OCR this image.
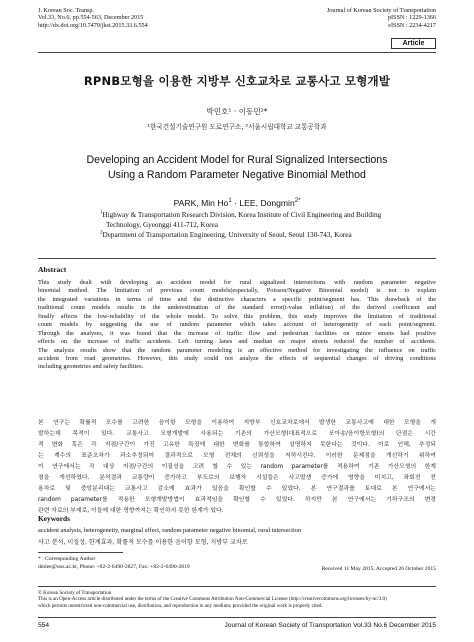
J. Korean Soc. Transp.
Vol.33, No.6, pp.554-563, December 2015
http://dx.doi.org/10.7470/jkst.2015.33.6.554
Journal of Korean Society of Transportation
pISSN : 1229-1366
eISSN : 2234-4217
Article
RPNB모형을 이용한 지방부 신호교차로 교통사고 모형개발
박민호¹ · 이동민²*
¹한국건설기술연구원 도로연구소, ²서울시립대학교 교통공학과
Developing an Accident Model for Rural Signalized Intersections
Using a Random Parameter Negative Binomial Method
PARK, Min $Ho^1$ · LEE, Dongmin$^{2*}$
$^1$Highway & Transportation Research Division, Korea Institute of Civil Engineering and Building
Technology, Gyeonggi 411-712, Korea
$^2$Department of Transportation Engineering, University of Seoul, Seoul 130-743, Korea
Abstract
This study dealt with developing an accident model for rural signalized intersections with random parameter negative
binomial method. The limitation of previous count models(especially, Poisson/Negative Binomial model) is not to explain
the integrated variations in terms of time and the distinctive characters a specific point/segment has. This drawback of the
traditional count models results in the underestimation of the standard error(t-value inflation) of the derived coefficient and
finally affects the low-reliability of the whole model. To solve this problem, this study improves the limitation of traditional
count models by suggesting the use of random parameter which takes account of heterogeneity of each point/segment.
Through the analyses, it was found that the increase of traffic flow and pedestrian facilities on minor streets had positive
effects on the increase of traffic accidents. Left turning lanes and median on major streets reduced the number of accidents.
The analysis results show that the random parameter modeling is an effective method for investigating the influence on traffic
accident from road geometries. However, this study could not analyze the effects of sequential changes of driving conditions
including geometries and safety facilities.
본 연구는 확률적 모수를 고려한 음이항 모형을 이용하여 지방부 신호교차로에서 발생한 교통사고에 대한 모형을 개
발하는데 목적이 있다. 교통사고 모형개발에 사용되는 기존의 가산모형(대표적으로 포아송/음이항모형)의 단점은 시간
적 변화 혹은 각 지점/구간이 가진 고유한 특징에 대한 변화를 통합하여 설명하지 못한다는 것이다. 이로 인해, 추정되
는 계수의 표준오차가 과소추정되어 결과적으로 모형 전체의 신뢰성을 저하시킨다. 이러한 문제점을 개선하기 위하여
이 연구에서는 각 대상 지점/구간의 이질성을 고려 할 수 있는 random parameter를 적용하여 기존 가산모형의 한계
점을 개선하였다. 분석결과 교통량이 증가하고 부도로의 보행자 시설들은 사고발생 증가에 영향을 미치고, 좌회전 전
용차로 및 중앙분리대는 교통사고 감소에 효과가 있음을 확인할 수 있었다. 본 연구결과를 토대로 본 연구에서는
random parameter를 적용한 모형개발방법이 효과적임을 확인할 수 있었다. 하지만 본 연구에서는 기하구조의 변경
관련 자료의 부재로, 이들에 대한 영향까지는 확인하지 못한 한계가 있다.
Keywords
accident analysis, heterogeneity, marginal effect, random parameter negative binomial, rural intersection
사고 분석, 이질성, 한계효과, 확률적 모수를 이용한 음이항 모형, 지방부 교차로
* : Corresponding Author
dmlee@uos.ac.kr, Phone: +82-2-6490-2827, Fax: +82-2-6490-2819	Received 11 May 2015, Accepted 26 October 2015
© Korean Society of Transportation
This is an Open-Access article distributed under the terms of the Creative Commons Attribution Non-Commercial License (http://creativecommons.org/licenses/by-nc/3.0)
which permits unrestricted non-commercial use, distribution, and reproduction in any medium, provided the original work is properly cited.
554	Journal of Korean Society of Transportation Vol.33 No.6 December 2015
